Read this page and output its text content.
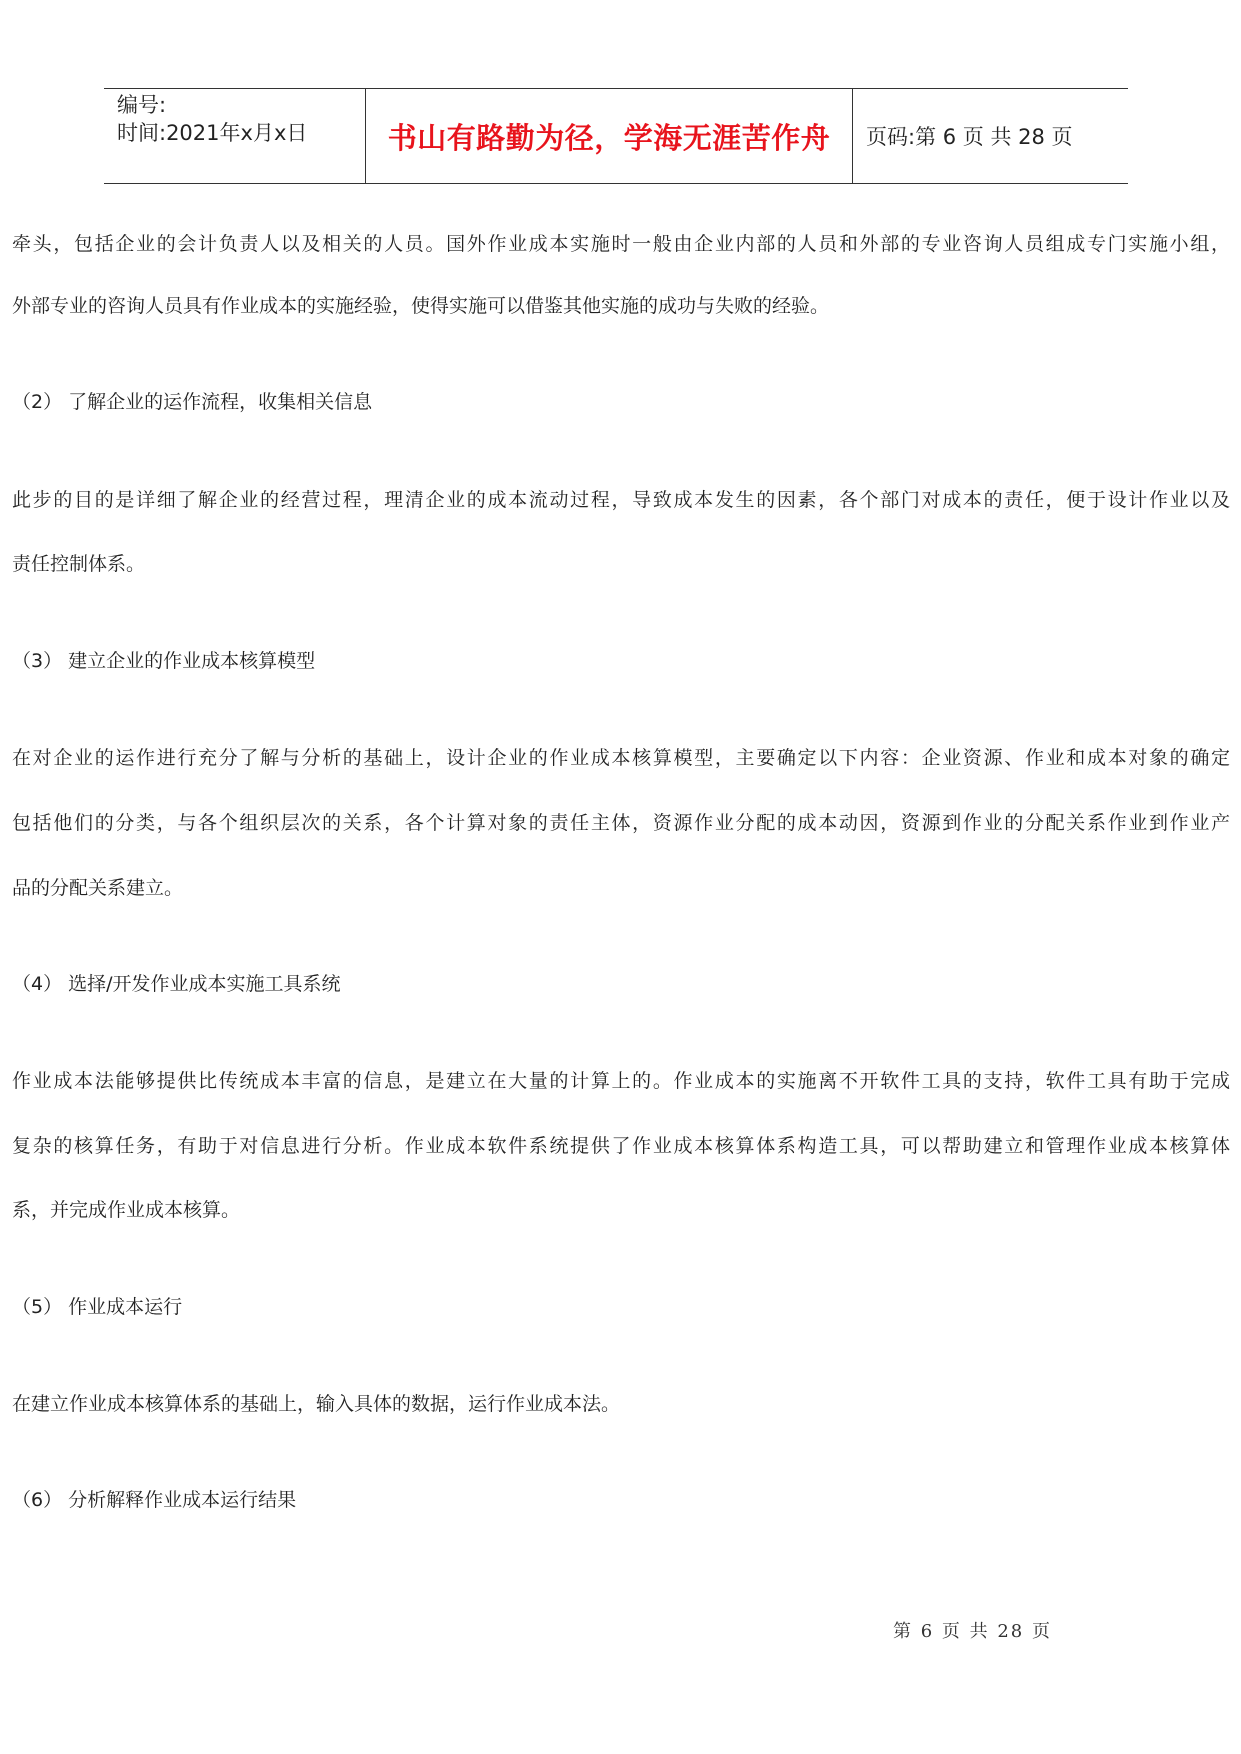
编号:
时间:2021年x月x日	书山有路勤为径，学海无涯苦作舟 页码:第 6 页 共 28 页
牵头，包括企业的会计负责人以及相关的人员。国外作业成本实施时一般由企业内部的人员和外部的专业咨询人员组成专门实施小组，
外部专业的咨询人员具有作业成本的实施经验，使得实施可以借鉴其他实施的成功与失败的经验。
（2） 了解企业的运作流程，收集相关信息
此步的目的是详细了解企业的经营过程，理清企业的成本流动过程，导致成本发生的因素，各个部门对成本的责任，便于设计作业以及
责任控制体系。
（3） 建立企业的作业成本核算模型
在对企业的运作进行充分了解与分析的基础上，设计企业的作业成本核算模型，主要确定以下内容：企业资源、作业和成本对象的确定
包括他们的分类，与各个组织层次的关系，各个计算对象的责任主体，资源作业分配的成本动因，资源到作业的分配关系作业到作业产
品的分配关系建立。
（4） 选择/开发作业成本实施工具系统
作业成本法能够提供比传统成本丰富的信息，是建立在大量的计算上的。作业成本的实施离不开软件工具的支持，软件工具有助于完成
复杂的核算任务，有助于对信息进行分析。作业成本软件系统提供了作业成本核算体系构造工具，可以帮助建立和管理作业成本核算体
系，并完成作业成本核算。
（5） 作业成本运行
在建立作业成本核算体系的基础上，输入具体的数据，运行作业成本法。
（6） 分析解释作业成本运行结果
第 6 页 共 28 页
